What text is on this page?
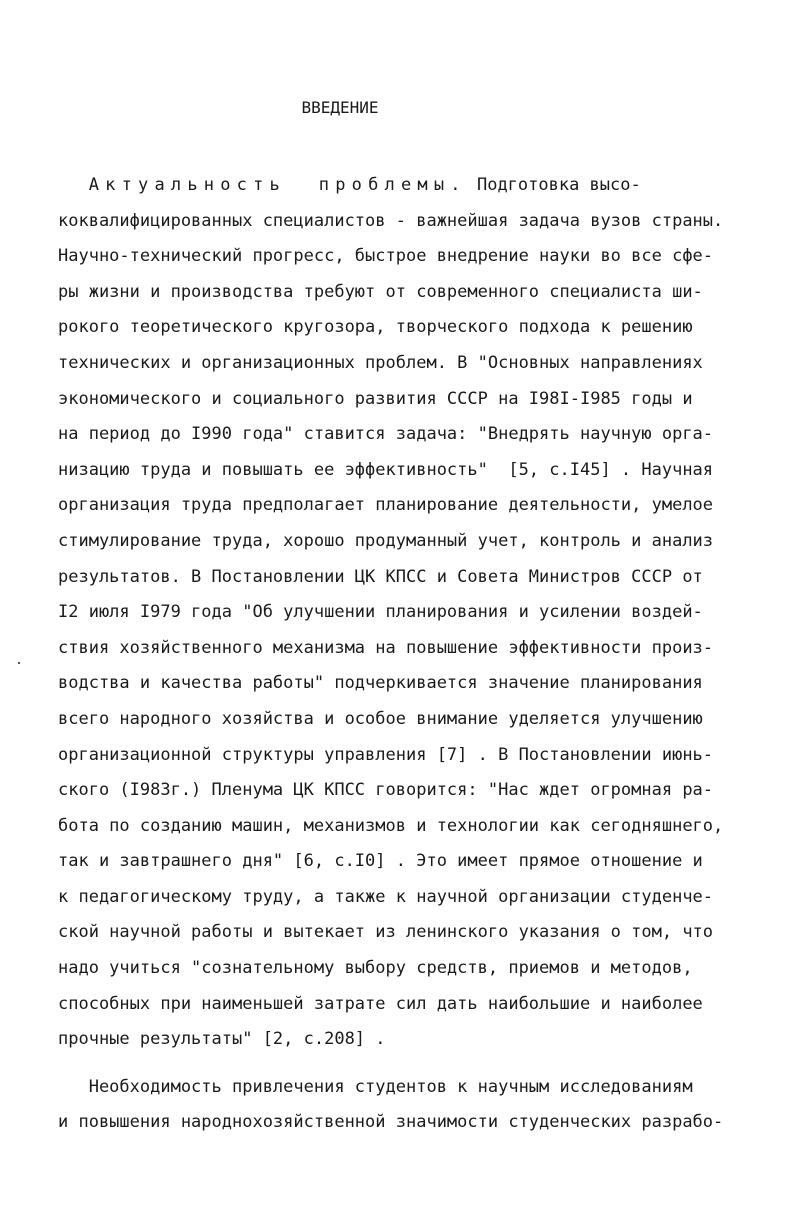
ВВЕДЕНИЕ
Актуальность  проблемы. Подготовка высо-
коквалифицированных специалистов - важнейшая задача вузов страны.
Научно-технический прогресс, быстрое внедрение науки во все сфе-
ры жизни и производства требуют от современного специалиста ши-
рокого теоретического кругозора, творческого подхода к решению
технических и организационных проблем. В "Основных направлениях
экономического и социального развития СССР на I98I-I985 годы и
на период до I990 года" ставится задача: "Внедрять научную орга-
низацию труда и повышать ее эффективность"  [5, c.I45] . Научная
организация труда предполагает планирование деятельности, умелое
стимулирование труда, хорошо продуманный учет, контроль и анализ
результатов. В Постановлении ЦК КПСС и Совета Министров СССР от
I2 июля I979 года "Об улучшении планирования и усилении воздей-
ствия хозяйственного механизма на повышение эффективности произ-
водства и качества работы" подчеркивается значение планирования
всего народного хозяйства и особое внимание уделяется улучшению
организационной структуры управления [7] . В Постановлении июнь-
ского (I983г.) Пленума ЦК КПСС говорится: "Нас ждет огромная ра-
бота по созданию машин, механизмов и технологии как сегодняшнего,
так и завтрашнего дня" [6, c.I0] . Это имеет прямое отношение и
к педагогическому труду, а также к научной организации студенче-
ской научной работы и вытекает из ленинского указания о том, что
надо учиться "сознательному выбору средств, приемов и методов,
способных при наименьшей затрате сил дать наибольшие и наиболее
прочные результаты" [2, c.208] .
Необходимость привлечения студентов к научным исследованиям
и повышения народнохозяйственной значимости студенческих разрабо-
